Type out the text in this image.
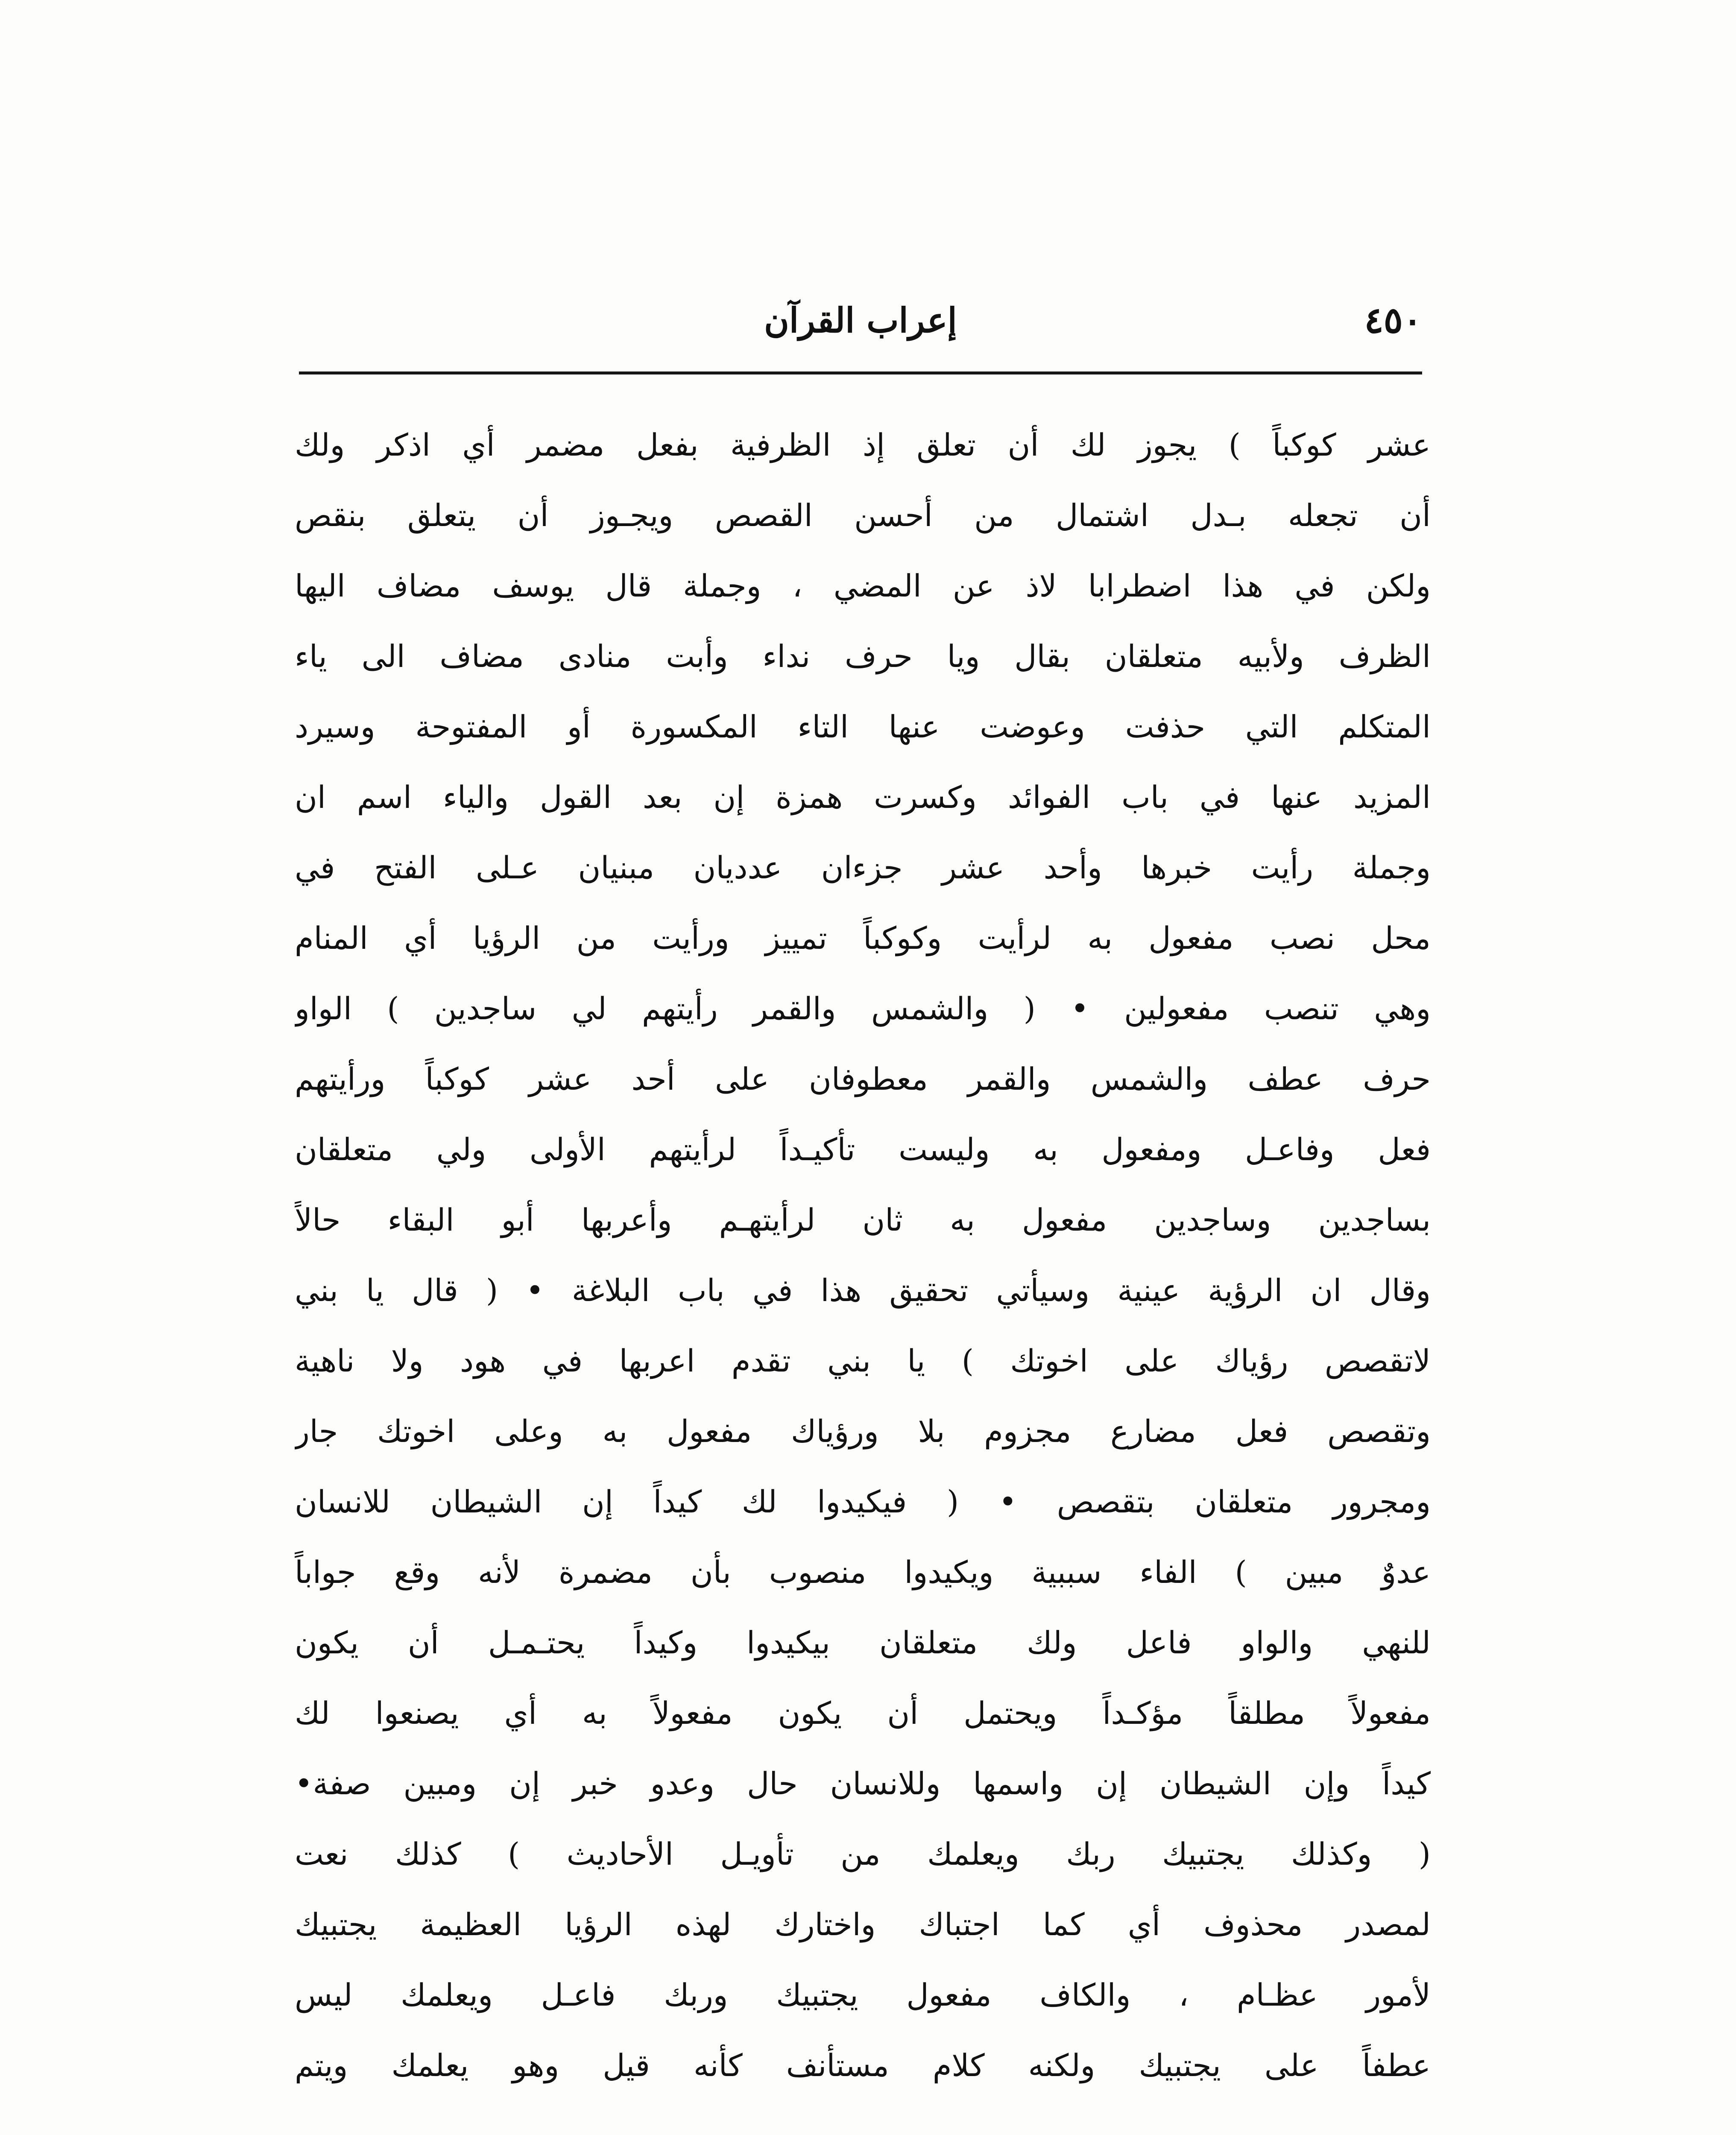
٤٥٠
إعراب القرآن
عشر كوكباً ) يجوز لك أن تعلق إذ الظرفية بفعل مضمر أي اذكر ولك
أن تجعله بـدل اشتمال من أحسن القصص ويجـوز أن يتعلق بنقص
ولكن في هذا اضطرابا لاذ عن المضي ، وجملة قال يوسف مضاف اليها
الظرف ولأبيه متعلقان بقال ويا حرف نداء وأبت منادى مضاف الى ياء
المتكلم التي حذفت وعوضت عنها التاء المكسورة أو المفتوحة وسيرد
المزيد عنها في باب الفوائد وكسرت همزة إن بعد القول والياء اسم ان
وجملة رأيت خبرها وأحد عشر جزءان عدديان مبنيان عـلى الفتح في
محل نصب مفعول به لرأيت وكوكباً تمييز ورأيت من الرؤيا أي المنام
وهي تنصب مفعولين • ( والشمس والقمر رأيتهم لي ساجدين ) الواو
حرف عطف والشمس والقمر معطوفان على أحد عشر كوكباً ورأيتهم
فعل وفاعـل ومفعول به وليست تأكيـداً لرأيتهم الأولى ولي متعلقان
بساجدين وساجدين مفعول به ثان لرأيتهـم وأعربها أبو البقاء حالاً
وقال ان الرؤية عينية وسيأتي تحقيق هذا في باب البلاغة • ( قال يا بني
لاتقصص رؤياك على اخوتك ) يا بني تقدم اعربها في هود ولا ناهية
وتقصص فعل مضارع مجزوم بلا ورؤياك مفعول به وعلى اخوتك جار
ومجرور متعلقان بتقصص • ( فيكيدوا لك كيداً إن الشيطان للانسان
عدوٌ مبين ) الفاء سببية ويكيدوا منصوب بأن مضمرة لأنه وقع جواباً
للنهي والواو فاعل ولك متعلقان بيكيدوا وكيداً يحتـمـل أن يكون
مفعولاً مطلقاً مؤكـداً ويحتمل أن يكون مفعولاً به أي يصنعوا لك
كيداً وإن الشيطان إن واسمها وللانسان حال وعدو خبر إن ومبين صفة•
( وكذلك يجتبيك ربك ويعلمك من تأويـل الأحاديث ) كذلك نعت
لمصدر محذوف أي كما اجتباك واختارك لهذه الرؤيا العظيمة يجتبيك
لأمور عظـام ، والكاف مفعول يجتبيك وربك فاعـل ويعلمك ليس
عطفاً على يجتبيك ولكنه كلام مستأنف كأنه قيل وهو يعلمك ويتم
